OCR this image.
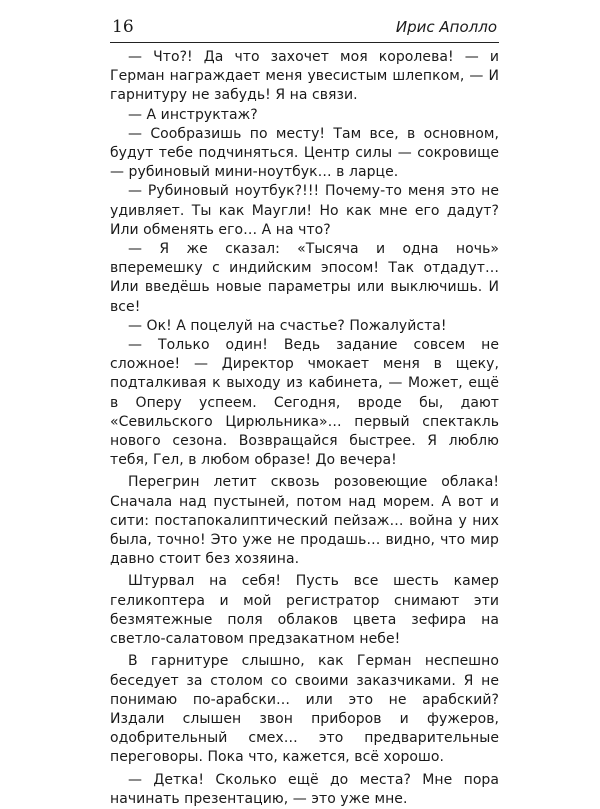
16	Ирис Аполло

— Что?! Да что захочет моя королева! — и Герман награждает меня увесистым шлепком, — И гарнитуру не забудь! Я на связи.

— А инструктаж?

— Сообразишь по месту! Там все, в основном, будут тебе подчиняться. Центр силы — сокровище — рубиновый мини-ноутбук… в ларце.

— Рубиновый ноутбук?!!! Почему-то меня это не удивляет. Ты как Маугли! Но как мне его дадут? Или обменять его… А на что?

— Я же сказал: «Тысяча и одна ночь» вперемешку с индийским эпосом! Так отдадут… Или введёшь новые параметры или выключишь. И все!

— Ок! А поцелуй на счастье? Пожалуйста!

— Только один! Ведь задание совсем не сложное! — Директор чмокает меня в щеку, подталкивая к выходу из кабинета, — Может, ещё в Оперу успеем. Сегодня, вроде бы, дают «Севильского Цирюльника»… первый спектакль нового сезона. Возвращайся быстрее. Я люблю тебя, Гел, в любом образе! До вечера!

Перегрин летит сквозь розовеющие облака! Сначала над пустыней, потом над морем. А вот и сити: постапокалиптический пейзаж… война у них была, точно! Это уже не продашь… видно, что мир давно стоит без хозяина.

Штурвал на себя! Пусть все шесть камер геликоптера и мой регистратор снимают эти безмятежные поля облаков цвета зефира на светло-салатовом предзакатном небе!

В гарнитуре слышно, как Герман неспешно беседует за столом со своими заказчиками. Я не понимаю по-арабски… или это не арабский? Издали слышен звон приборов и фужеров, одобрительный смех… это предварительные переговоры. Пока что, кажется, всё хорошо.

— Детка! Сколько ещё до места? Мне пора начинать презентацию, — это уже мне.
